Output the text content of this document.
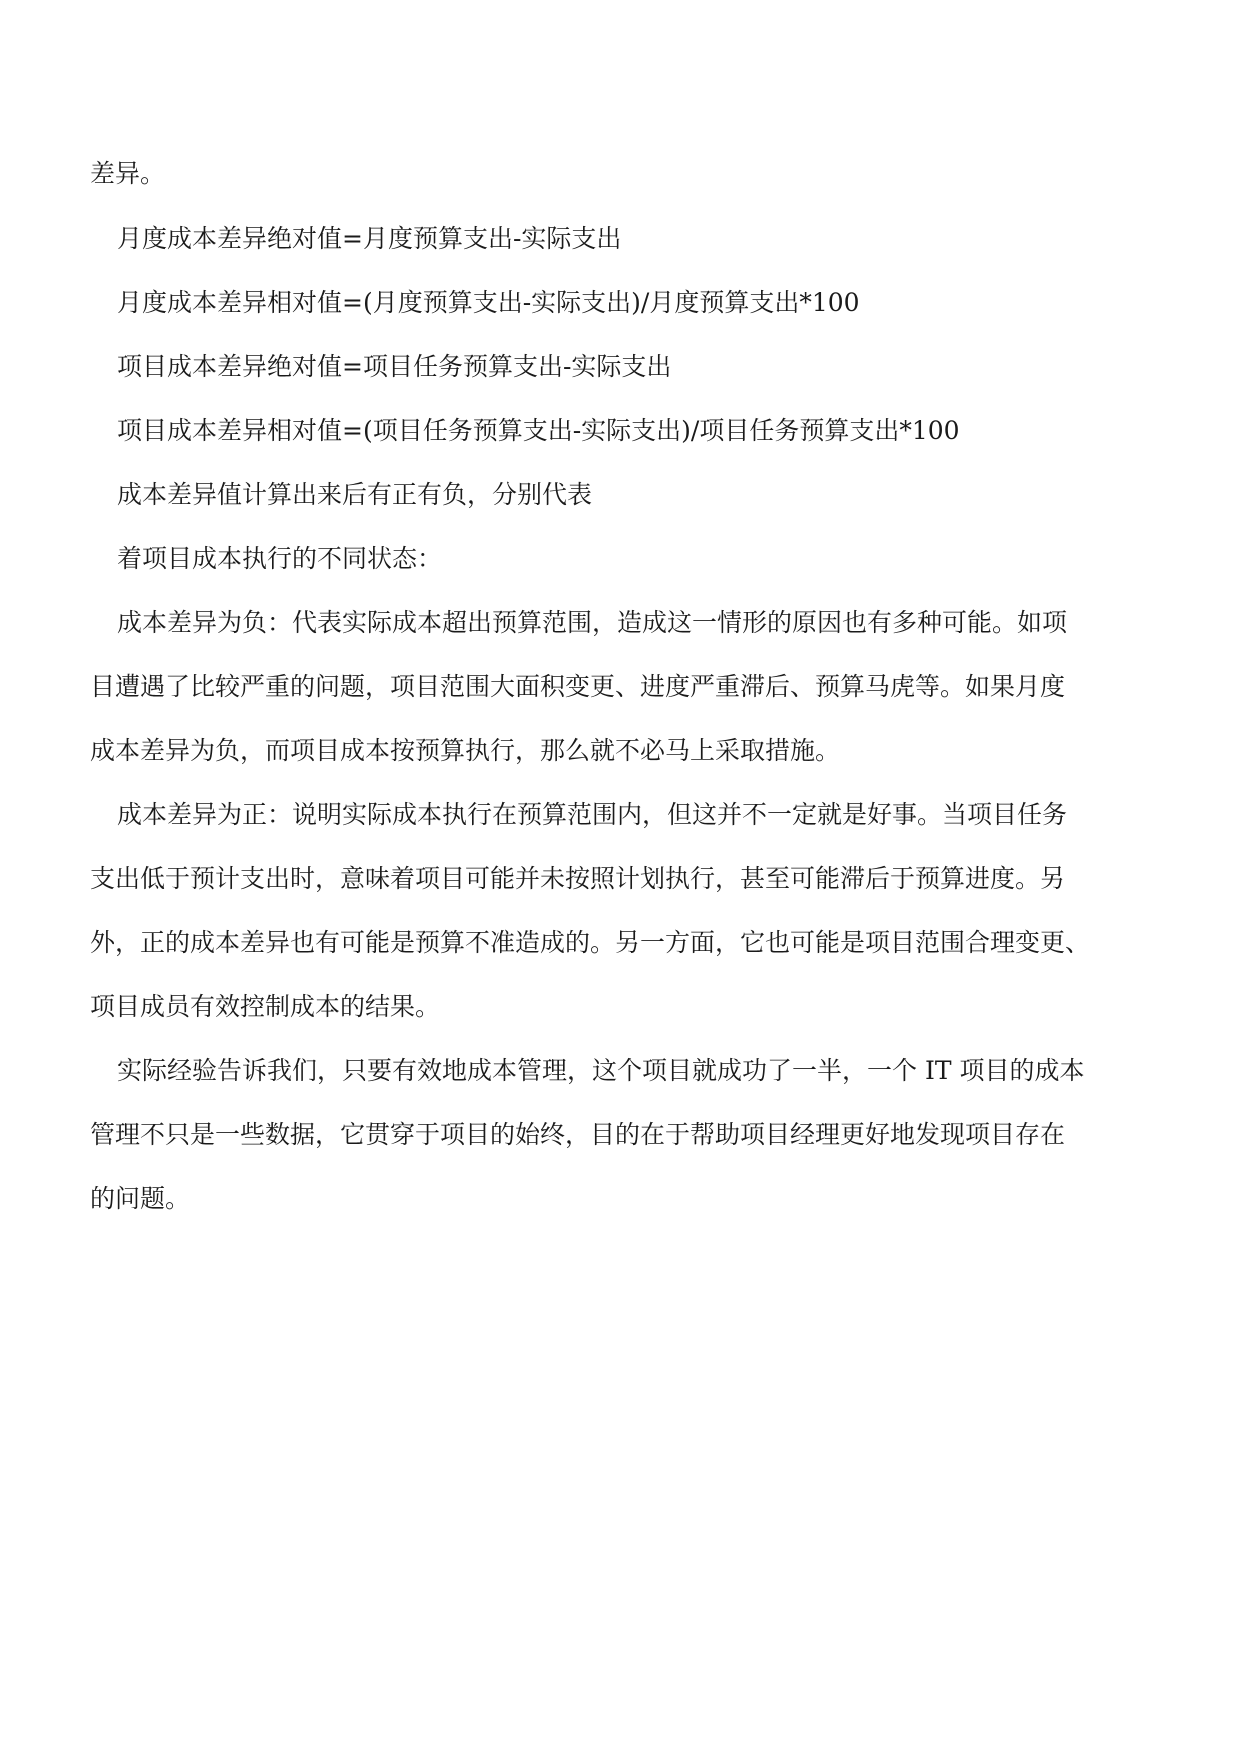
差异。

月度成本差异绝对值=月度预算支出-实际支出

月度成本差异相对值=(月度预算支出-实际支出)/月度预算支出*100

项目成本差异绝对值=项目任务预算支出-实际支出

项目成本差异相对值=(项目任务预算支出-实际支出)/项目任务预算支出*100

成本差异值计算出来后有正有负，分别代表

着项目成本执行的不同状态：

成本差异为负：代表实际成本超出预算范围，造成这一情形的原因也有多种可能。如项

目遭遇了比较严重的问题，项目范围大面积变更、进度严重滞后、预算马虎等。如果月度

成本差异为负，而项目成本按预算执行，那么就不必马上采取措施。

成本差异为正：说明实际成本执行在预算范围内，但这并不一定就是好事。当项目任务

支出低于预计支出时，意味着项目可能并未按照计划执行，甚至可能滞后于预算进度。另

外，正的成本差异也有可能是预算不准造成的。另一方面，它也可能是项目范围合理变更、

项目成员有效控制成本的结果。

实际经验告诉我们，只要有效地成本管理，这个项目就成功了一半，一个 IT 项目的成本

管理不只是一些数据，它贯穿于项目的始终，目的在于帮助项目经理更好地发现项目存在

的问题。
